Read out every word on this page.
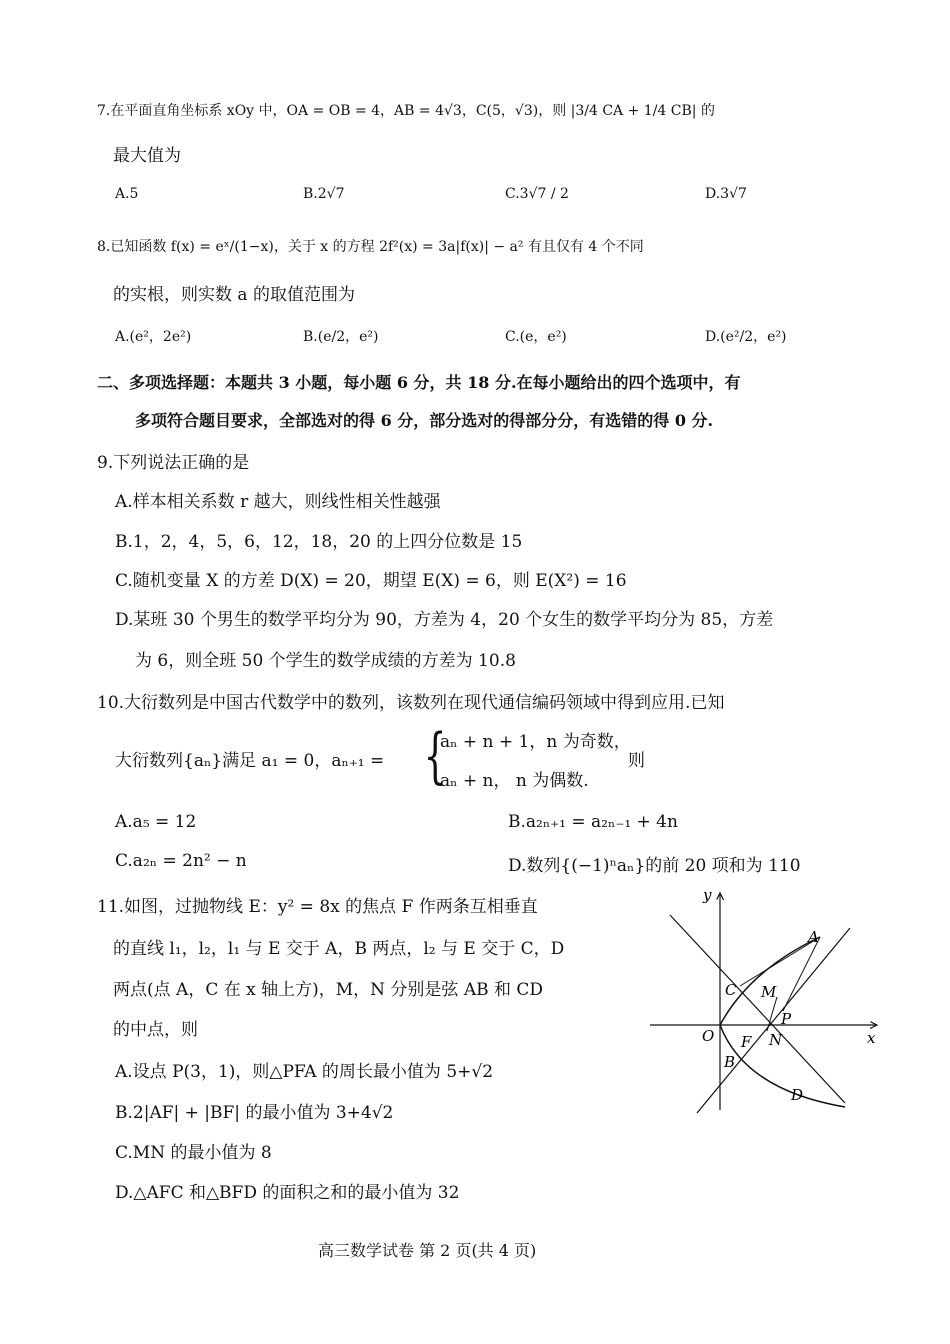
7.在平面直角坐标系 xOy 中，OA = OB = 4，AB = 4√3，C(5，√3)，则 |3/4 CA + 1/4 CB| 的
最大值为
A.5	B.2√7	C.3√7 / 2	D.3√7
8.已知函数 f(x) = eˣ/(1−x)，关于 x 的方程 2f²(x) = 3a|f(x)| − a² 有且仅有 4 个不同
的实根，则实数 a 的取值范围为
A.(e²，2e²)	B.(e/2，e²)	C.(e，e²)	D.(e²/2，e²)
二、多项选择题：本题共 3 小题，每小题 6 分，共 18 分.在每小题给出的四个选项中，有
多项符合题目要求，全部选对的得 6 分，部分选对的得部分分，有选错的得 0 分.
9.下列说法正确的是
A.样本相关系数 r 越大，则线性相关性越强
B.1，2，4，5，6，12，18，20 的上四分位数是 15
C.随机变量 X 的方差 D(X) = 20，期望 E(X) = 6，则 E(X²) = 16
D.某班 30 个男生的数学平均分为 90，方差为 4，20 个女生的数学平均分为 85，方差
为 6，则全班 50 个学生的数学成绩的方差为 10.8
10.大衍数列是中国古代数学中的数列，该数列在现代通信编码领域中得到应用.已知
大衍数列{aₙ}满足 a₁ = 0，aₙ₊₁ = {
aₙ + n + 1，n 为奇数，
aₙ + n， n 为偶数.
则
A.a₅ = 12	B.a₂ₙ₊₁ = a₂ₙ₋₁ + 4n
C.a₂ₙ = 2n² − n	D.数列{(−1)ⁿaₙ}的前 20 项和为 110
11.如图，过抛物线 E：y² = 8x 的焦点 F 作两条互相垂直
的直线 l₁，l₂，l₁ 与 E 交于 A，B 两点，l₂ 与 E 交于 C，D
两点(点 A，C 在 x 轴上方)，M，N 分别是弦 AB 和 CD
的中点，则
A.设点 P(3，1)，则△PFA 的周长最小值为 5+√2
B.2|AF| + |BF| 的最小值为 3+4√2
C.MN 的最小值为 8
D.△AFC 和△BFD 的面积之和的最小值为 32
y
x
O
A
C M
P
F N
B
D
高三数学试卷 第 2 页(共 4 页)
